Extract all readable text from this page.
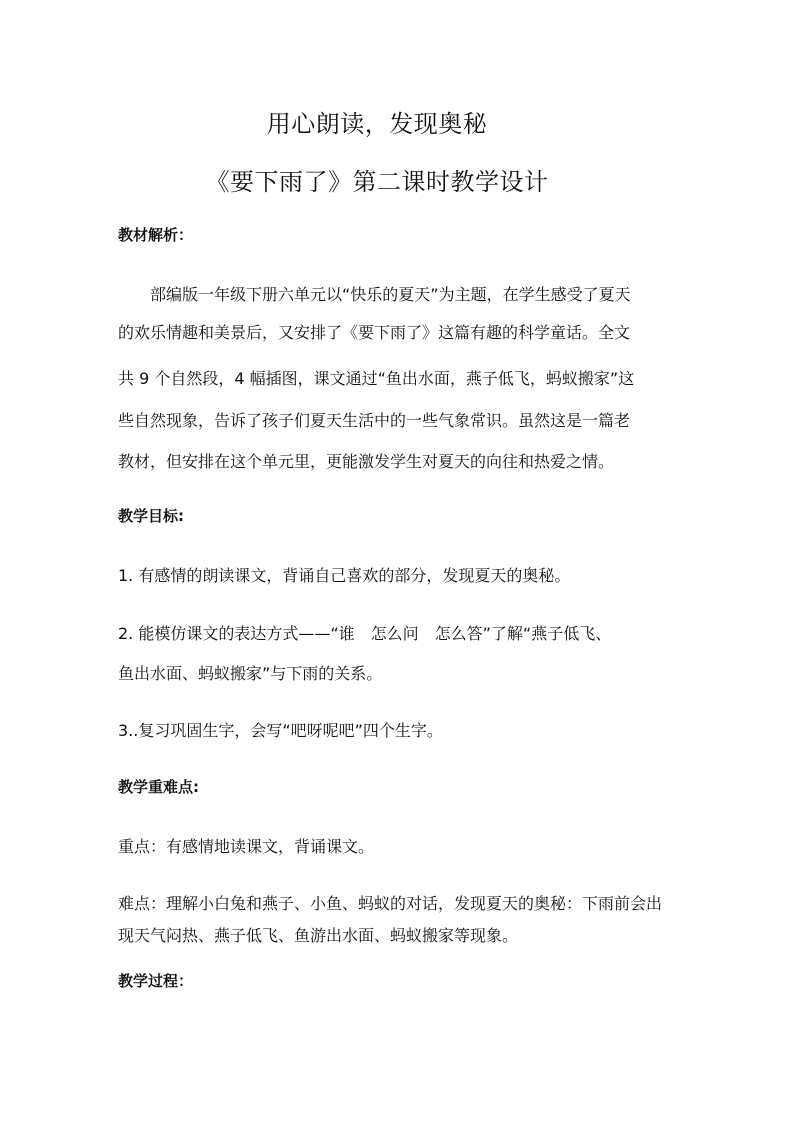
用心朗读，发现奥秘
《要下雨了》第二课时教学设计
教材解析：
部编版一年级下册六单元以“快乐的夏天”为主题，在学生感受了夏天
的欢乐情趣和美景后，又安排了《要下雨了》这篇有趣的科学童话。全文
共 9 个自然段，4 幅插图，课文通过“鱼出水面，燕子低飞，蚂蚁搬家”这
些自然现象，告诉了孩子们夏天生活中的一些气象常识。虽然这是一篇老
教材，但安排在这个单元里，更能激发学生对夏天的向往和热爱之情。
教学目标:
1. 有感情的朗读课文，背诵自己喜欢的部分，发现夏天的奥秘。
2. 能模仿课文的表达方式——“谁　怎么问　怎么答”了解“燕子低飞、
鱼出水面、蚂蚁搬家”与下雨的关系。
3..复习巩固生字，会写“吧呀呢吧”四个生字。
教学重难点:
重点：有感情地读课文，背诵课文。
难点：理解小白兔和燕子、小鱼、蚂蚁的对话，发现夏天的奥秘：下雨前会出
现天气闷热、燕子低飞、鱼游出水面、蚂蚁搬家等现象。
教学过程：
